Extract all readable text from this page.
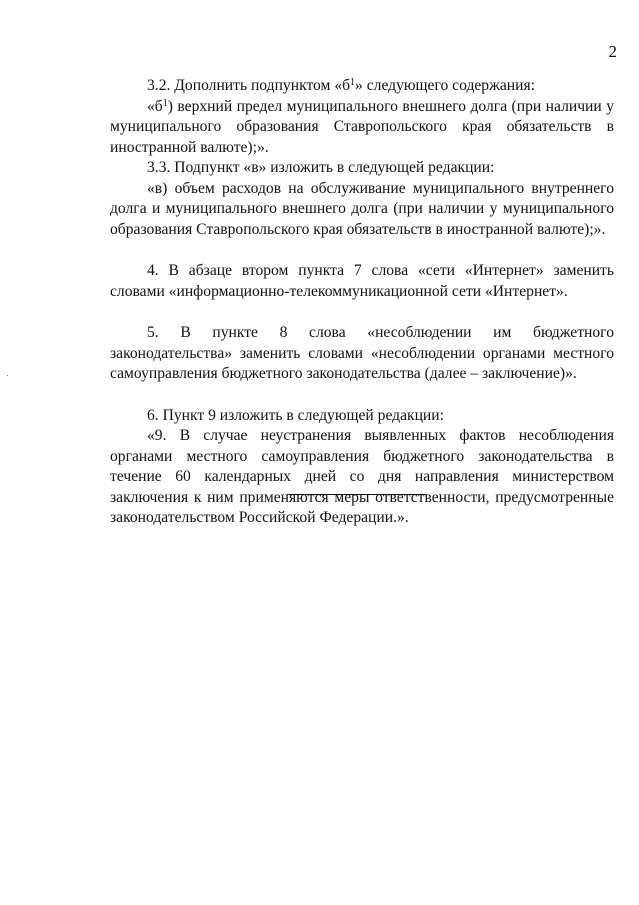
2

3.2. Дополнить подпунктом «$б^1$» следующего содержания:

«$б^1$) верхний предел муниципального внешнего долга (при наличии у муниципального образования Ставропольского края обязательств в иностранной валюте);».

3.3. Подпункт «в» изложить в следующей редакции:

«в) объем расходов на обслуживание муниципального внутреннего долга и муниципального внешнего долга (при наличии у муниципального образования Ставропольского края обязательств в иностранной валюте);».

4. В абзаце втором пункта 7 слова «сети «Интернет» заменить словами «информационно-телекоммуникационной сети «Интернет».

5. В пункте 8 слова «несоблюдении им бюджетного законодательства» заменить словами «несоблюдении органами местного самоуправления бюджетного законодательства (далее – заключение)».

6. Пункт 9 изложить в следующей редакции:

«9. В случае неустранения выявленных фактов несоблюдения органами местного самоуправления бюджетного законодательства в течение 60 календарных дней со дня направления министерством заключения к ним применяются меры ответственности, предусмотренные законодательством Российской Федерации.».
